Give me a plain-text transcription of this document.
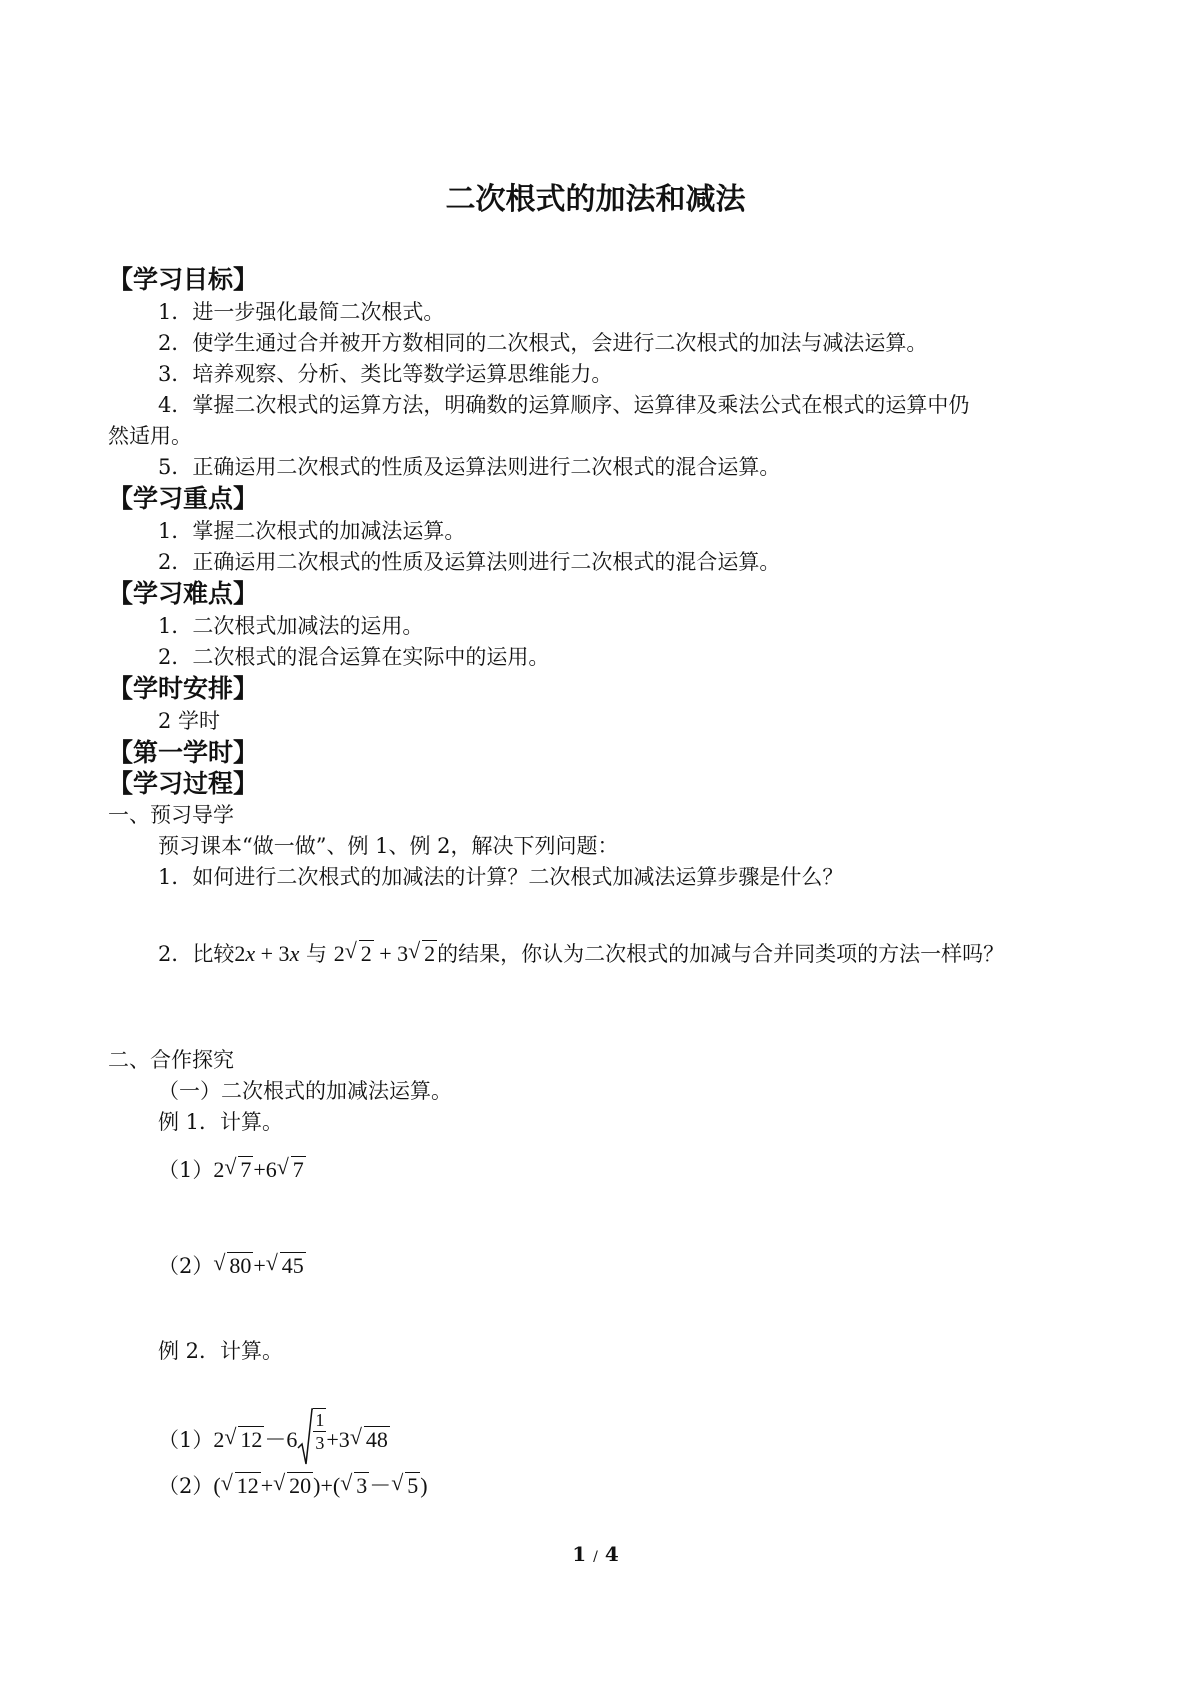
二次根式的加法和减法
【学习目标】
1．进一步强化最简二次根式。
2．使学生通过合并被开方数相同的二次根式，会进行二次根式的加法与减法运算。
3．培养观察、分析、类比等数学运算思维能力。
4．掌握二次根式的运算方法，明确数的运算顺序、运算律及乘法公式在根式的运算中仍
然适用。
5．正确运用二次根式的性质及运算法则进行二次根式的混合运算。
【学习重点】
1．掌握二次根式的加减法运算。
2．正确运用二次根式的性质及运算法则进行二次根式的混合运算。
【学习难点】
1．二次根式加减法的运用。
2．二次根式的混合运算在实际中的运用。
【学时安排】
2 学时
【第一学时】
【学习过程】
一、预习导学
预习课本“做一做”、例 1、例 2，解决下列问题：
1．如何进行二次根式的加减法的计算？二次根式加减法运算步骤是什么？
2．比较2x + 3x 与 2 √ 2 + 3 √ 2的结果，你认为二次根式的加减与合并同类项的方法一样吗？
二、合作探究
（一）二次根式的加减法运算。
例 1．计算。
（1）2 √ 7+6 √ 7
（2） √ 80+ √ 45
例 2．计算。
（1）2 √ $12-6 \frac{1}{3} +3$ √ 48
（2）( √ 12+ √ 20)+( √ 3－ √ 5)
1 / 4
